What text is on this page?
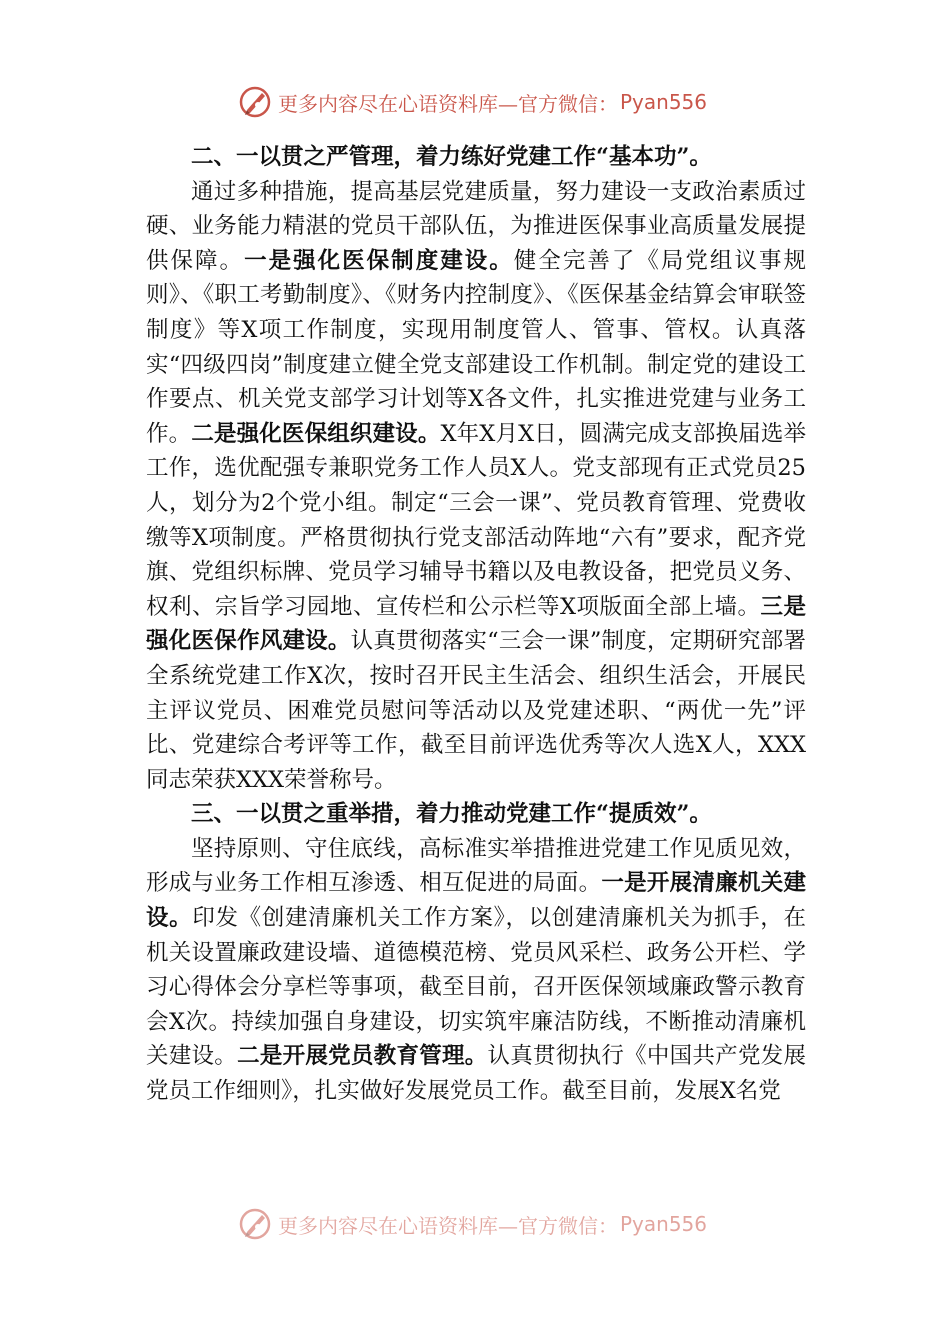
更多内容尽在心语资料库—官方微信： Pyan556

二、一以贯之严管理，着力练好党建工作“基本功”。

通过多种措施，提高基层党建质量，努力建设一支政治素质过硬、业务能力精湛的党员干部队伍，为推进医保事业高质量发展提供保障。一是强化医保制度建设。健全完善了《局党组议事规则》、《职工考勤制度》、《财务内控制度》、《医保基金结算会审联签制度》等X项工作制度，实现用制度管人、管事、管权。认真落实“四级四岗”制度建立健全党支部建设工作机制。制定党的建设工作要点、机关党支部学习计划等X各文件，扎实推进党建与业务工作。二是强化医保组织建设。X年X月X日，圆满完成支部换届选举工作，选优配强专兼职党务工作人员X人。党支部现有正式党员25人，划分为2个党小组。制定“三会一课”、党员教育管理、党费收缴等X项制度。严格贯彻执行党支部活动阵地“六有”要求，配齐党旗、党组织标牌、党员学习辅导书籍以及电教设备，把党员义务、权利、宗旨学习园地、宣传栏和公示栏等X项版面全部上墙。三是强化医保作风建设。认真贯彻落实“三会一课”制度，定期研究部署全系统党建工作X次，按时召开民主生活会、组织生活会，开展民主评议党员、困难党员慰问等活动以及党建述职、“两优一先”评比、党建综合考评等工作，截至目前评选优秀等次人选X人，XXX同志荣获XXX荣誉称号。

三、一以贯之重举措，着力推动党建工作“提质效”。

坚持原则、守住底线，高标准实举措推进党建工作见质见效，形成与业务工作相互渗透、相互促进的局面。一是开展清廉机关建设。印发《创建清廉机关工作方案》，以创建清廉机关为抓手，在机关设置廉政建设墙、道德模范榜、党员风采栏、政务公开栏、学习心得体会分享栏等事项，截至目前，召开医保领域廉政警示教育会X次。持续加强自身建设，切实筑牢廉洁防线，不断推动清廉机关建设。二是开展党员教育管理。认真贯彻执行《中国共产党发展党员工作细则》，扎实做好发展党员工作。截至目前，发展X名党

更多内容尽在心语资料库—官方微信： Pyan556
